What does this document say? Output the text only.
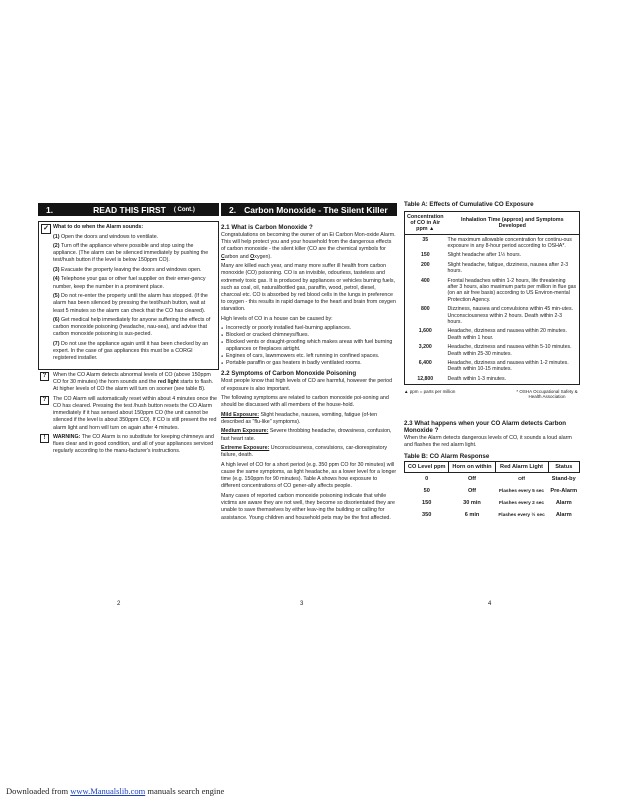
1.	READ THIS FIRST ( Cont.)
✓ What to do when the Alarm sounds:

(1) Open the doors and windows to ventilate.

(2) Turn off the appliance where possible and stop using the appliance. (The alarm can be silenced immediately by pushing the test/hush button if the level is below 150ppm CO).

(3) Evacuate the property leaving the doors and windows open.

(4) Telephone your gas or other fuel supplier on their emer-gency number, keep the number in a prominent place.

(5) Do not re-enter the property until the alarm has stopped. (If the alarm has been silenced by pressing the test/hush button, wait at least 5 minutes so the alarm can check that the CO has cleared).

(6) Get medical help immediately for anyone suffering the effects of carbon monoxide poisoning (headache, nau-sea), and advise that carbon monoxide poisoning is sus-pected.

(7) Do not use the appliance again until it has been checked by an expert. In the case of gas appliances this must be a CORGI registered installer.

?	When the CO Alarm detects abnormal levels of CO (above 150ppm CO for 30 minutes) the horn sounds and the red light starts to flash. At higher levels of CO the alarm will turn on sooner (see table B).

?	The CO Alarm will automatically reset within about 4 minutes once the CO has cleared. Pressing the test /hush button resets the CO Alarm immediately if it has sensed about 150ppm CO (the unit cannot be silenced if the level is about 350ppm CO). If CO is still present the red alarm light and horn will turn on again after 4 minutes.

!	WARNING: The CO Alarm is no substitute for keeping chimneys and flues clear and in good condition, and all of your appliances serviced regularly according to the manu-facturer's instructions.

2. Carbon Monoxide - The Silent Killer
2.1 What is Carbon Monoxide ?

Congratulations on becoming the owner of an Ei Carbon Mon-oxide Alarm. This will help protect you and your household from the dangerous effects of carbon monoxide - the silent killer (CO are the chemical symbols for Carbon and Oxygen).

Many are killed each year, and many more suffer ill health from carbon monoxide (CO) poisoning. CO is an invisible, odourless, tasteless and extremely toxic gas. It is produced by appliances or vehicles burning fuels, such as coal, oil, natural/bottled gas, paraffin, wood, petrol, diesel, charcoal etc. CO is absorbed by red blood cells in the lungs in preference to oxygen - this results in rapid damage to the heart and brain from oxygen starvation.

High levels of CO in a house can be caused by:

● Incorrectly or poorly installed fuel-burning appliances.

● Blocked or cracked chimneys/flues.

● Blocked vents or draught-proofing which makes areas with fuel burning appliances or fireplaces airtight.

● Engines of cars, lawnmowers etc. left running in confined spaces.

● Portable paraffin or gas heaters in badly ventilated rooms.

2.2 Symptoms of Carbon Monoxide Poisoning

Most people know that high levels of CO are harmful, however the period of exposure is also important.

The following symptoms are related to carbon monoxide poi-soning and should be discussed with all members of the house-hold.

Mild Exposure: Slight headache, nausea, vomiting, fatigue (of-ten described as "flu-like" symptoms).

Medium Exposure: Severe throbbing headache, drowsiness, confusion, fast heart rate.

Extreme Exposure: Unconsciousness, convulsions, car-diorespiratory failure, death.

A high level of CO for a short period (e.g. 350 ppm CO for 30 minutes) will cause the same symptoms, as light headache, as a lower level for a longer time (e.g. 150ppm for 90 minutes). Table A shows how exposure to different concentrations of CO gener-ally affects people.

Many cases of reported carbon monoxide poisoning indicate that while victims are aware they are not well, they become so disorientated they are unable to save themselves by either leav-ing the building or calling for assistance. Young children and household pets may be the first affected.

Table A: Effects of Cumulative CO Exposure
Concentration of CO in Air ppm ▲	Inhalation Time (approx) and Symptoms Developed
35	The maximum allowable concentration for continu-ous exposure in any 8-hour period according to OSHA*.
150	Slight headache after 1½ hours.
200	Slight headache, fatigue, dizziness, nausea after 2-3 hours.
400	Frontal headaches within 1-2 hours, life threatening after 3 hours, also maximum parts per million in flue gas (on an air free basis) according to US Environ-mental Protection Agency.
800	Dizziness, nausea and convulsions within 45 min-utes. Unconsciousness within 2 hours. Death within 2-3 hours.
1,600	Headache, dizziness and nausea within 20 minutes. Death within 1 hour.
3,200	Headache, dizziness and nausea within 5-10 minutes. Death within 25-30 minutes.
6,400	Headache, dizziness and nausea within 1-2 minutes. Death within 10-15 minutes.
12,800	Death within 1-3 minutes.
▲ ppm = parts per million	* OSHA Occupational Safety & Health Association
2.3 What happens when your CO Alarm detects Carbon Monoxide ?

When the Alarm detects dangerous levels of CO, it sounds a loud alarm and flashes the red alarm light.

Table B: CO Alarm Response
CO Level ppm	Horn on within	Red Alarm Light	Status
0	Off	Off	Stand-by
50	Off	Flashes every 5 sec	Pre-Alarm
150	30 min	Flashes every 2 sec	Alarm
350	6 min	Flashes every ½ sec	Alarm
2	3	4
Downloaded from www.Manualslib.com manuals search engine
